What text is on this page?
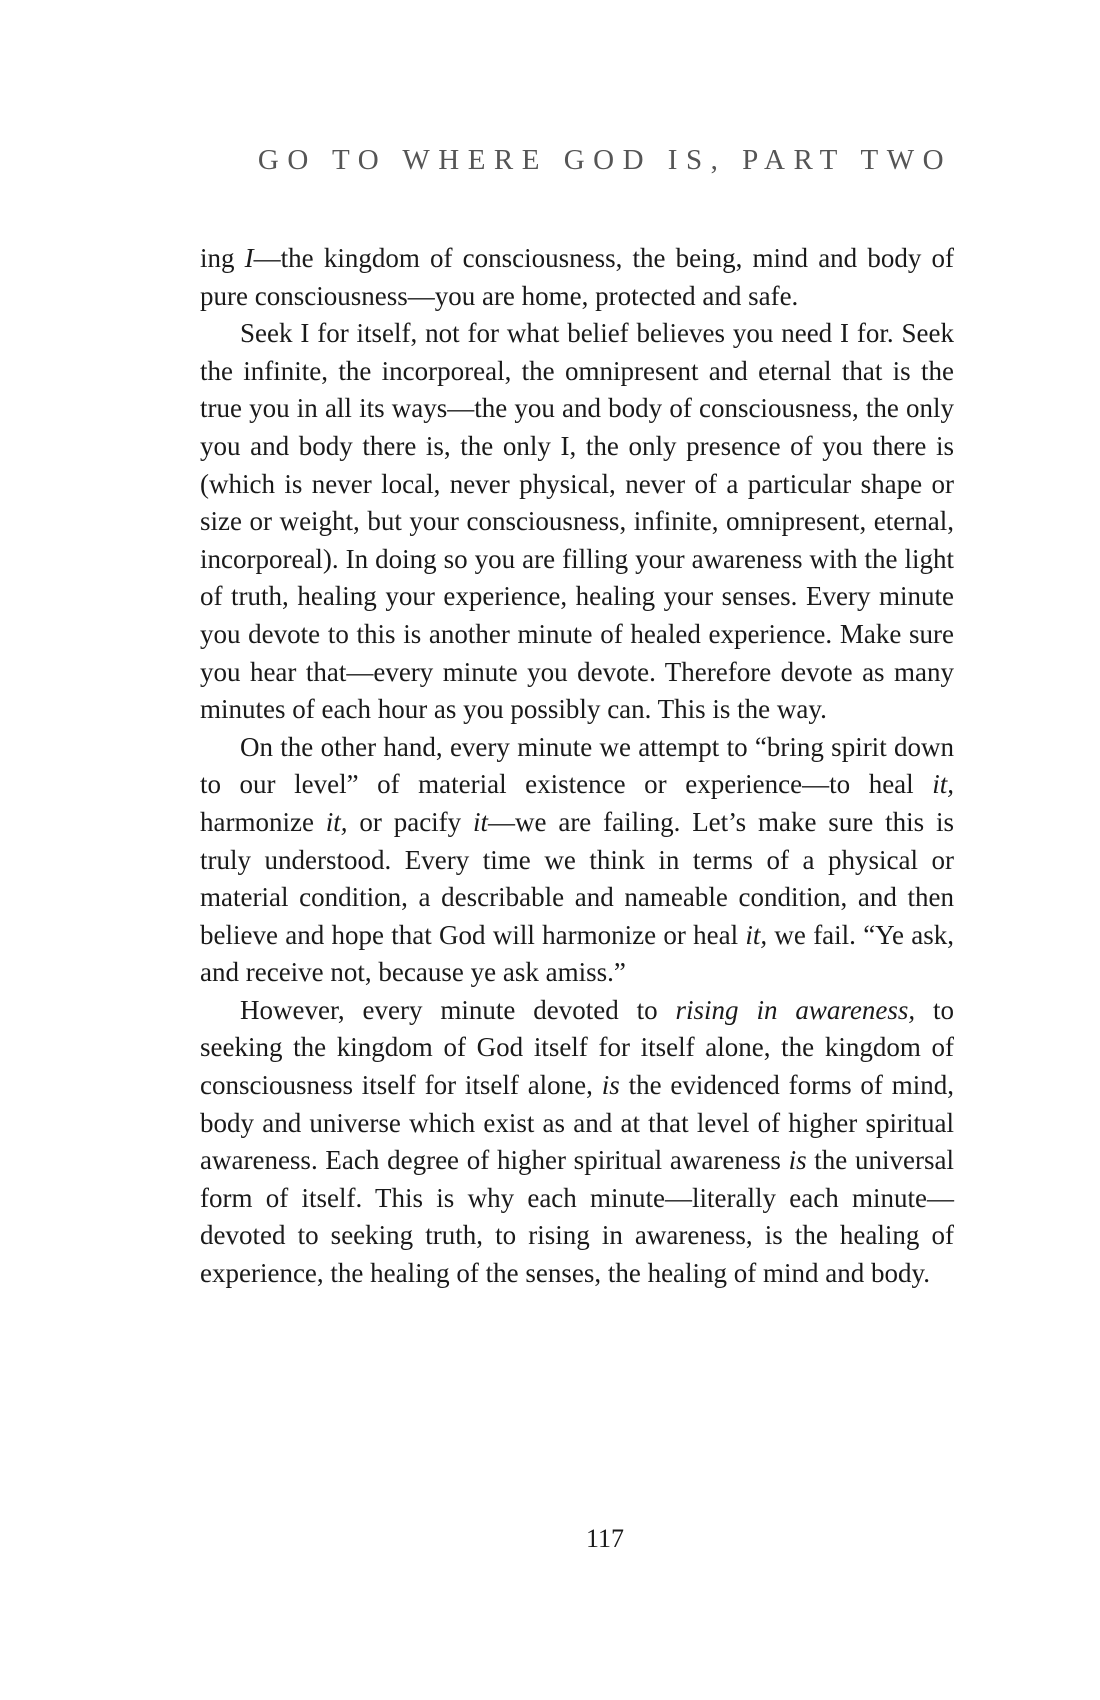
GO TO WHERE GOD IS, PART TWO

ing I—the kingdom of consciousness, the being, mind and body of pure consciousness—you are home, protected and safe.

Seek I for itself, not for what belief believes you need I for. Seek the infinite, the incorporeal, the omnipresent and eternal that is the true you in all its ways—the you and body of consciousness, the only you and body there is, the only I, the only presence of you there is (which is never local, never physical, never of a particular shape or size or weight, but your consciousness, infinite, omnipresent, eternal, incorporeal). In doing so you are filling your awareness with the light of truth, healing your experience, healing your senses. Every minute you devote to this is another minute of healed experience. Make sure you hear that—every minute you devote. Therefore devote as many minutes of each hour as you possibly can. This is the way.

On the other hand, every minute we attempt to “bring spirit down to our level” of material existence or experience—to heal it, harmonize it, or pacify it—we are failing. Let’s make sure this is truly understood. Every time we think in terms of a physical or material condition, a describable and nameable condition, and then believe and hope that God will harmonize or heal it, we fail. “Ye ask, and receive not, because ye ask amiss.”

However, every minute devoted to rising in awareness, to seeking the kingdom of God itself for itself alone, the kingdom of consciousness itself for itself alone, is the evidenced forms of mind, body and universe which exist as and at that level of higher spiritual awareness. Each degree of higher spiritual awareness is the universal form of itself. This is why each minute—literally each minute—devoted to seeking truth, to rising in awareness, is the healing of experience, the healing of the senses, the healing of mind and body.

117
